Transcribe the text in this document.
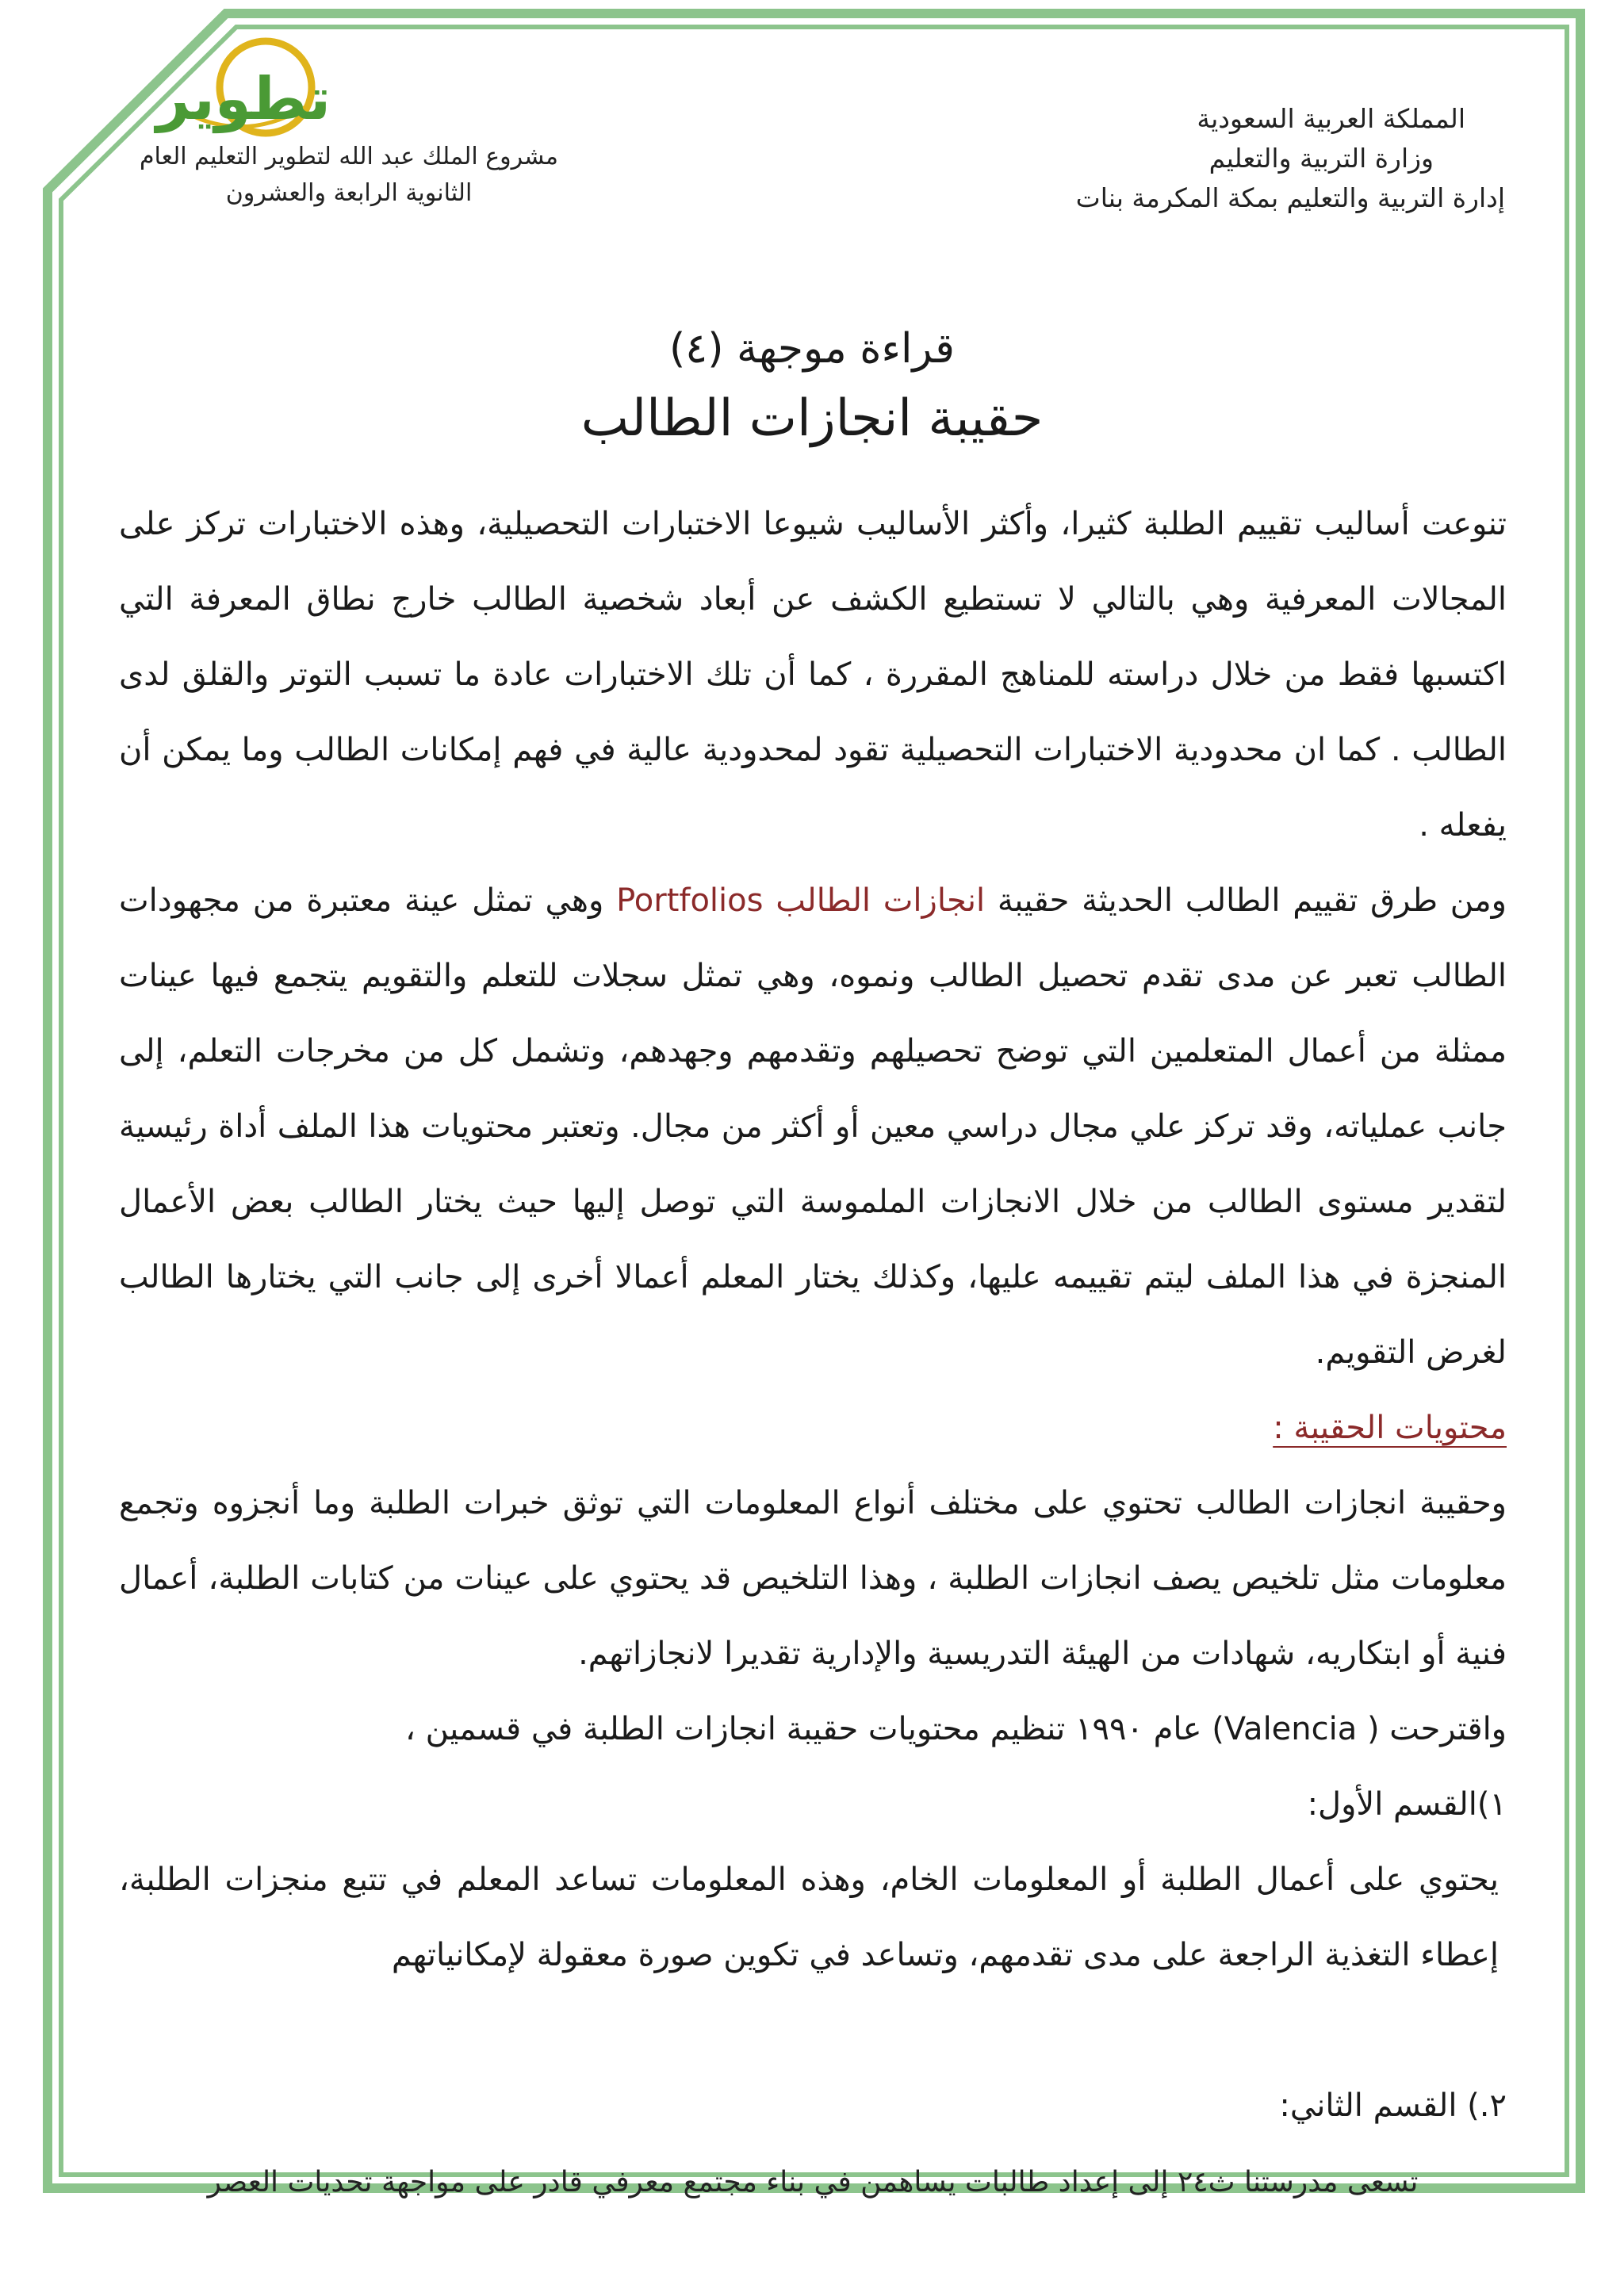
تطوير
مشروع الملك عبد الله لتطوير التعليم العام
الثانوية الرابعة والعشرون
المملكة العربية السعودية
وزارة التربية والتعليم
إدارة التربية والتعليم بمكة المكرمة بنات
قراءة موجهة (٤)
حقيبة انجازات الطالب

تنوعت أساليب تقييم الطلبة كثيرا، وأكثر الأساليب شيوعا الاختبارات التحصيلية، وهذه الاختبارات تركز على المجالات المعرفية وهي بالتالي لا تستطيع الكشف عن أبعاد شخصية الطالب خارج نطاق المعرفة التي اكتسبها فقط من خلال دراسته للمناهج المقررة ، كما أن تلك الاختبارات عادة ما تسبب التوتر والقلق لدى الطالب . كما ان محدودية الاختبارات التحصيلية تقود لمحدودية عالية في فهم إمكانات الطالب وما يمكن أن يفعله .

ومن طرق تقييم الطالب الحديثة حقيبة انجازات الطالب Portfolios وهي تمثل عينة معتبرة من مجهودات الطالب تعبر عن مدى تقدم تحصيل الطالب ونموه، وهي تمثل سجلات للتعلم والتقويم يتجمع فيها عينات ممثلة من أعمال المتعلمين التي توضح تحصيلهم وتقدمهم وجهدهم، وتشمل كل من مخرجات التعلم، إلى جانب عملياته، وقد تركز علي مجال دراسي معين أو أكثر من مجال. وتعتبر محتويات هذا الملف أداة رئيسية لتقدير مستوى الطالب من خلال الانجازات الملموسة التي توصل إليها حيث يختار الطالب بعض الأعمال المنجزة في هذا الملف ليتم تقييمه عليها، وكذلك يختار المعلم أعمالا أخرى إلى جانب التي يختارها الطالب لغرض التقويم.

محتويات الحقيبة :

وحقيبة انجازات الطالب تحتوي على مختلف أنواع المعلومات التي توثق خبرات الطلبة وما أنجزوه وتجمع معلومات مثل تلخيص يصف انجازات الطلبة ، وهذا التلخيص قد يحتوي على عينات من كتابات الطلبة، أعمال فنية أو ابتكاريه، شهادات من الهيئة التدريسية والإدارية تقديرا لانجازاتهم.

واقترحت ( Valencia) عام ١٩٩٠ تنظيم محتويات حقيبة انجازات الطلبة في قسمين ،

١)القسم الأول:

يحتوي على أعمال الطلبة أو المعلومات الخام، وهذه المعلومات تساعد المعلم في تتبع منجزات الطلبة، إعطاء التغذية الراجعة على مدى تقدمهم، وتساعد في تكوين صورة معقولة لإمكانياتهم

٢.) القسم الثاني:

تسعى مدرستنا ث٢٤ إلى إعداد طالبات يساهمن في بناء مجتمع معرفي قادر على مواجهة تحديات العصر
